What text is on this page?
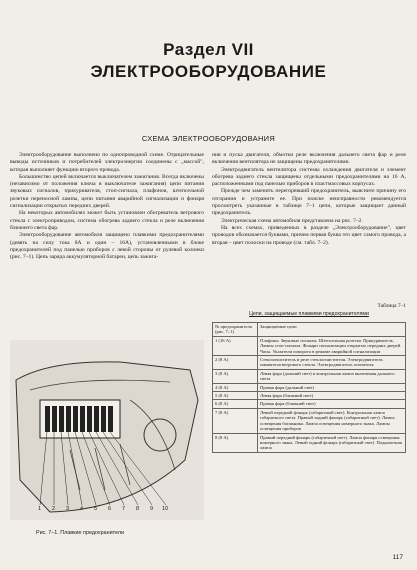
Раздел VII
ЭЛЕКТРООБОРУДОВАНИЕ
СХЕМА ЭЛЕКТРООБОРУДОВАНИЯ

Электрооборудование выполнено по однопроводной схеме. Отрицательные выводы источников и потребителей электроэнергии соединены с „массой", которая выполняет функцию второго провода.

Большинство цепей включается выключателем зажигания. Всегда включены (независимо от положения ключа в выключателе зажигания) цепи питания звуковых сигналов, прикуривателя, стоп-сигнала, плафонов, штепсельной розетки переносной лампы, цепи питания аварийной сигнализации и фонаря сигнализации открытых передних дверей.

На некоторых автомобилях может быть установлен обогреватель ветрового стекла с электроприводом, система обогрева заднего стекла и реле включения ближнего света фар.

Электрооборудование автомобиля защищено плавкими предохранителями (девять на силу тока 8А и один – 16А), установленными в блоке предохранителей под панелью приборов с левой стороны от рулевой колонки (рис. 7–1). Цепь заряда аккумуляторной батареи, цепь зажига-

ния и пуска двигателя, обмотки реле включения дальнего света фар и реле включения вентилятора не защищены предохранителями.

Электродвигатель вентилятора системы охлаждения двигателя и элемент обогрева заднего стекла защищены отдельными предохранителями на 16 А, расположенными под панелью приборов в пластмассовых корпусах.

Прежде чем заменить перегоревший предохранитель, выясните причину его отгорания и устраните ее. При поиске неисправности рекомендуется просмотреть указанные в таблице 7–1 цепи, которые защищает данный предохранитель.

Электрическая схема автомобиля представлена на рис. 7–2.

На всех схемах, приведенных в разделе „Электрооборудование", цвет проводов обозначается буквами, причем первая буква это цвет самого провода, а вторая – цвет полоски на проводе (см. табл. 7–2).

Таблица 7–1
Цепи, защищаемые плавкими предохранителями
№ предохранителя (рис. 7–1)	Защищаемые цепи
1 (16 А)	Плафоны. Звуковые сигналы. Штепсельная розетка. Прикуриватель. Лампы стоп-сигнала. Фонари сигнализации открытых передних дверей. Часы. Указатели поворота в режиме аварийной сигнализации
2 (8 А)	Стеклоочиститель и реле стеклоочистителя. Электродвигатель омывателя ветрового стекла. Электродвигатель отопителя
3 (8 А)	Левая фара (дальний свет) и контрольная лампа включения дальнего света
4 (8 А)	Правая фара (дальний свет)
5 (8 А)	Левая фара (ближний свет)
6 (8 А)	Правая фара (ближний свет)
7 (8 А)	Левый передний фонарь (габаритный свет). Контрольная лампа габаритного света. Правый задний фонарь (габаритный свет). Лампа освещения багажника. Лампа освещения номерного знака. Лампы освещения приборов
8 (8 А)	Правый передний фонарь (габаритный свет). Лампа фонаря освещения номерного знака. Левый задний фонарь (габаритный свет). Подкапотная лампа
1 2 3 4 5 6 7 8 9 10
Рис. 7–1. Плавкие предохранители
117
